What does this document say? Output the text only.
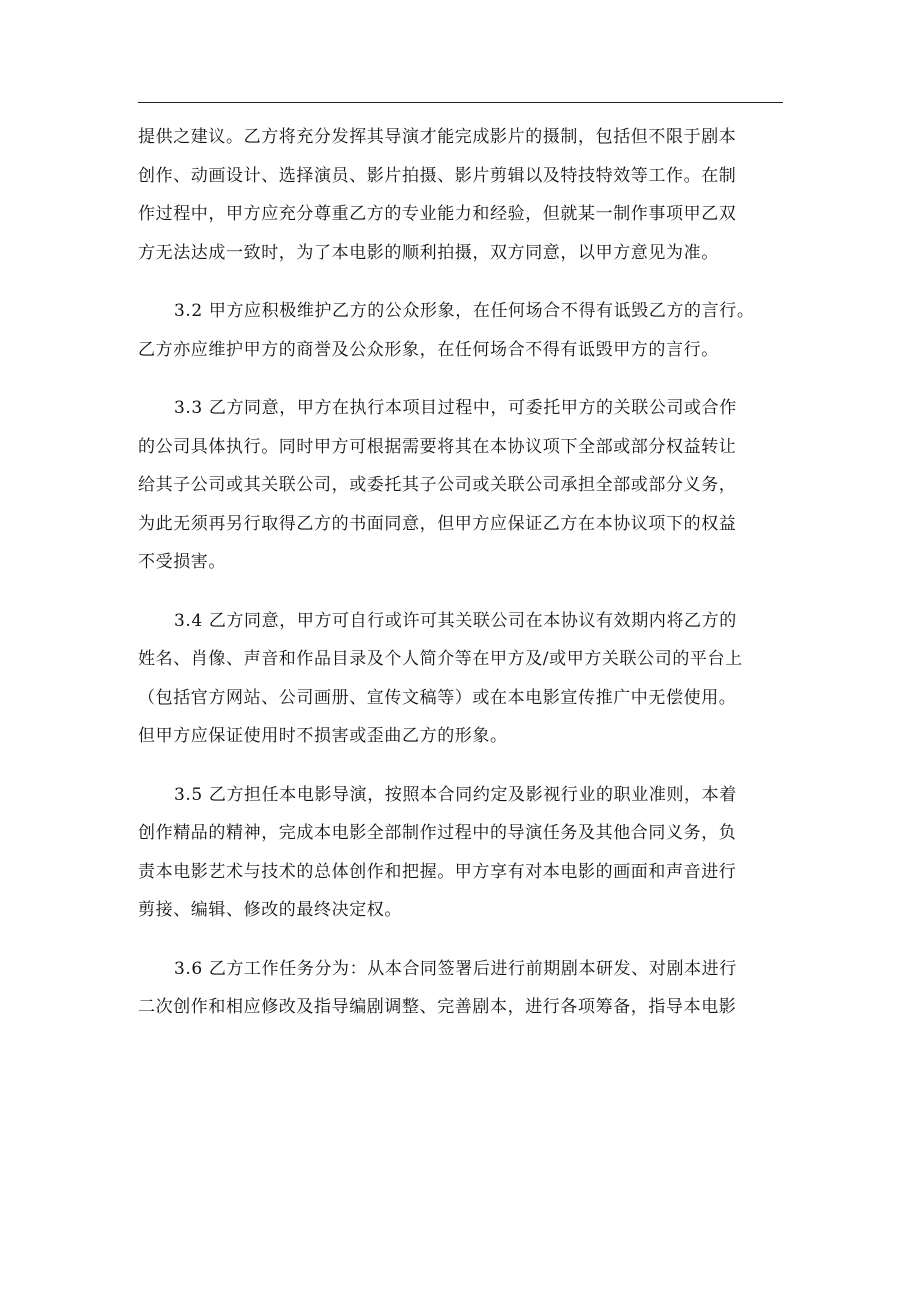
提供之建议。乙方将充分发挥其导演才能完成影片的摄制，包括但不限于剧本
创作、动画设计、选择演员、影片拍摄、影片剪辑以及特技特效等工作。在制
作过程中，甲方应充分尊重乙方的专业能力和经验，但就某一制作事项甲乙双
方无法达成一致时，为了本电影的顺利拍摄，双方同意，以甲方意见为准。
3.2 甲方应积极维护乙方的公众形象，在任何场合不得有诋毁乙方的言行。
乙方亦应维护甲方的商誉及公众形象，在任何场合不得有诋毁甲方的言行。
3.3 乙方同意，甲方在执行本项目过程中，可委托甲方的关联公司或合作
的公司具体执行。同时甲方可根据需要将其在本协议项下全部或部分权益转让
给其子公司或其关联公司，或委托其子公司或关联公司承担全部或部分义务，
为此无须再另行取得乙方的书面同意，但甲方应保证乙方在本协议项下的权益
不受损害。
3.4 乙方同意，甲方可自行或许可其关联公司在本协议有效期内将乙方的
姓名、肖像、声音和作品目录及个人简介等在甲方及/或甲方关联公司的平台上
（包括官方网站、公司画册、宣传文稿等）或在本电影宣传推广中无偿使用。
但甲方应保证使用时不损害或歪曲乙方的形象。
3.5 乙方担任本电影导演，按照本合同约定及影视行业的职业准则，本着
创作精品的精神，完成本电影全部制作过程中的导演任务及其他合同义务，负
责本电影艺术与技术的总体创作和把握。甲方享有对本电影的画面和声音进行
剪接、编辑、修改的最终决定权。
3.6 乙方工作任务分为：从本合同签署后进行前期剧本研发、对剧本进行
二次创作和相应修改及指导编剧调整、完善剧本，进行各项筹备，指导本电影
